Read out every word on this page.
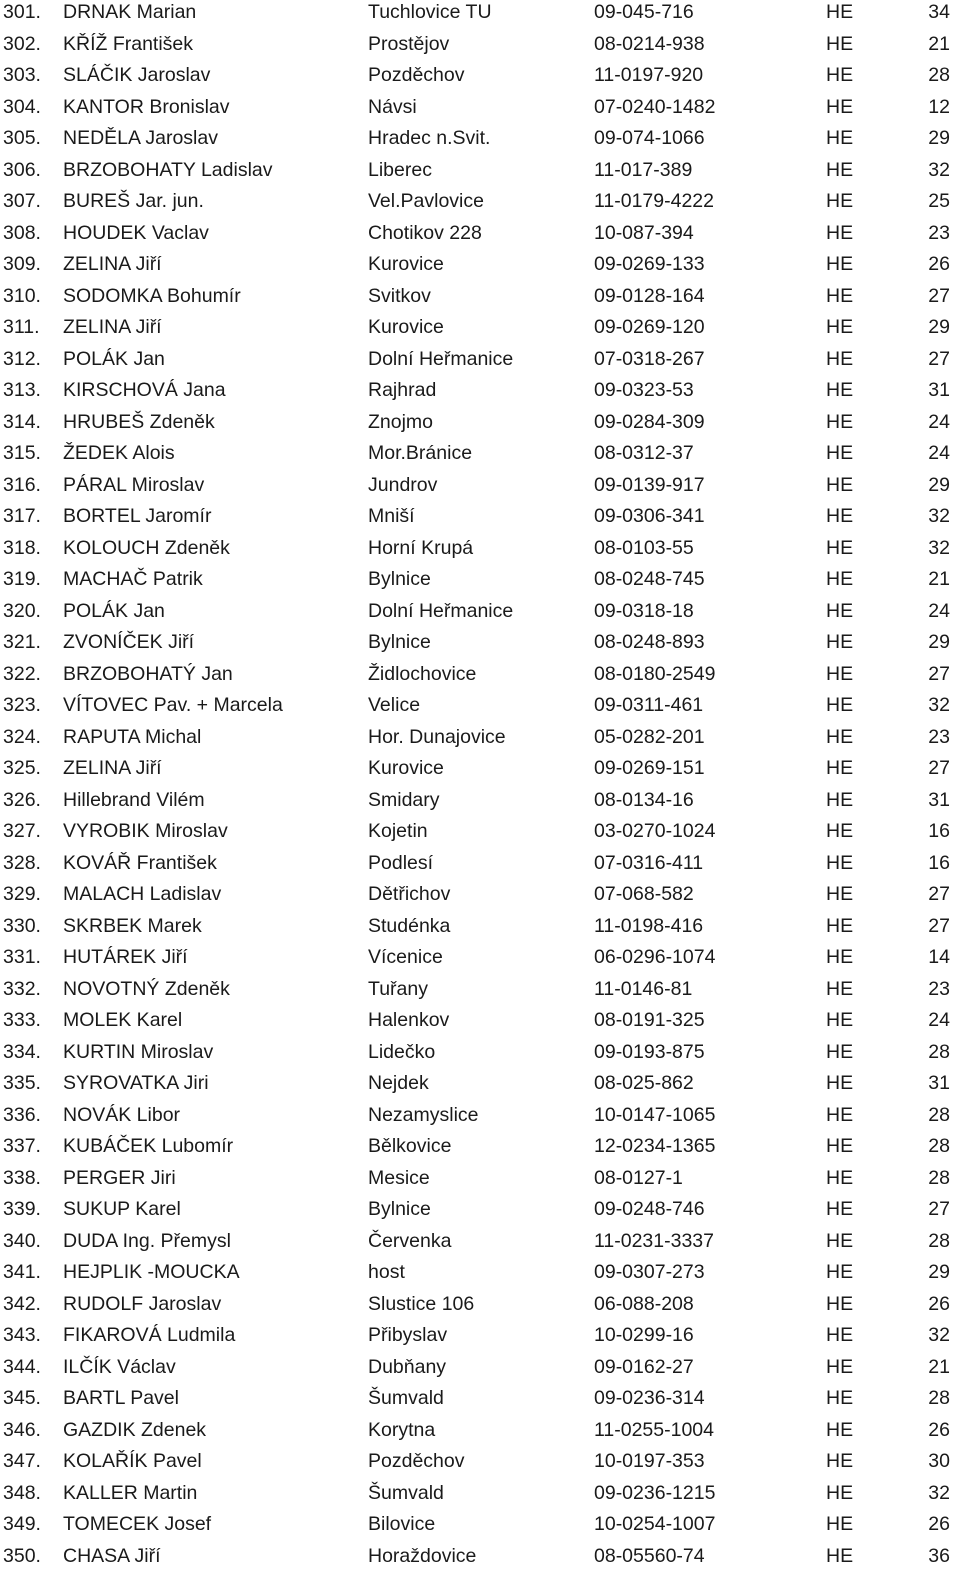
301. DRNAK Marian	Tuchlovice TU	09-045-716	HE	34
302. KŘÍŽ František	Prostějov	08-0214-938	HE	21
303. SLÁČIK Jaroslav	Pozděchov	11-0197-920	HE	28
304. KANTOR Bronislav	Návsi	07-0240-1482	HE	12
305. NEDĚLA Jaroslav	Hradec n.Svit.	09-074-1066	HE	29
306. BRZOBOHATY Ladislav	Liberec	11-017-389	HE	32
307. BUREŠ Jar. jun.	Vel.Pavlovice	11-0179-4222	HE	25
308. HOUDEK Vaclav	Chotikov 228	10-087-394	HE	23
309. ZELINA Jiří	Kurovice	09-0269-133	HE	26
310. SODOMKA Bohumír	Svitkov	09-0128-164	HE	27
311. ZELINA Jiří	Kurovice	09-0269-120	HE	29
312. POLÁK Jan	Dolní Heřmanice	07-0318-267	HE	27
313. KIRSCHOVÁ Jana	Rajhrad	09-0323-53	HE	31
314. HRUBEŠ Zdeněk	Znojmo	09-0284-309	HE	24
315. ŽEDEK Alois	Mor.Bránice	08-0312-37	HE	24
316. PÁRAL Miroslav	Jundrov	09-0139-917	HE	29
317. BORTEL Jaromír	Mniší	09-0306-341	HE	32
318. KOLOUCH Zdeněk	Horní Krupá	08-0103-55	HE	32
319. MACHAČ Patrik	Bylnice	08-0248-745	HE	21
320. POLÁK Jan	Dolní Heřmanice	09-0318-18	HE	24
321. ZVONÍČEK Jiří	Bylnice	08-0248-893	HE	29
322. BRZOBOHATÝ Jan	Židlochovice	08-0180-2549	HE	27
323. VÍTOVEC Pav. + Marcela	Velice	09-0311-461	HE	32
324. RAPUTA Michal	Hor. Dunajovice	05-0282-201	HE	23
325. ZELINA Jiří	Kurovice	09-0269-151	HE	27
326. Hillebrand Vilém	Smidary	08-0134-16	HE	31
327. VYROBIK Miroslav	Kojetin	03-0270-1024	HE	16
328. KOVÁŘ František	Podlesí	07-0316-411	HE	16
329. MALACH Ladislav	Dětřichov	07-068-582	HE	27
330. SKRBEK Marek	Studénka	11-0198-416	HE	27
331. HUTÁREK Jiří	Vícenice	06-0296-1074	HE	14
332. NOVOTNÝ Zdeněk	Tuřany	11-0146-81	HE	23
333. MOLEK Karel	Halenkov	08-0191-325	HE	24
334. KURTIN Miroslav	Lidečko	09-0193-875	HE	28
335. SYROVATKA Jiri	Nejdek	08-025-862	HE	31
336. NOVÁK Libor	Nezamyslice	10-0147-1065	HE	28
337. KUBÁČEK Lubomír	Bělkovice	12-0234-1365	HE	28
338. PERGER Jiri	Mesice	08-0127-1	HE	28
339. SUKUP Karel	Bylnice	09-0248-746	HE	27
340. DUDA Ing. Přemysl	Červenka	11-0231-3337	HE	28
341. HEJPLIK -MOUCKA	host	09-0307-273	HE	29
342. RUDOLF Jaroslav	Slustice 106	06-088-208	HE	26
343. FIKAROVÁ Ludmila	Přibyslav	10-0299-16	HE	32
344. ILČÍK Václav	Dubňany	09-0162-27	HE	21
345. BARTL Pavel	Šumvald	09-0236-314	HE	28
346. GAZDIK Zdenek	Korytna	11-0255-1004	HE	26
347. KOLAŘÍK Pavel	Pozděchov	10-0197-353	HE	30
348. KALLER Martin	Šumvald	09-0236-1215	HE	32
349. TOMECEK Josef	Bilovice	10-0254-1007	HE	26
350. CHASA Jiří	Horaždovice	08-05560-74	HE	36
